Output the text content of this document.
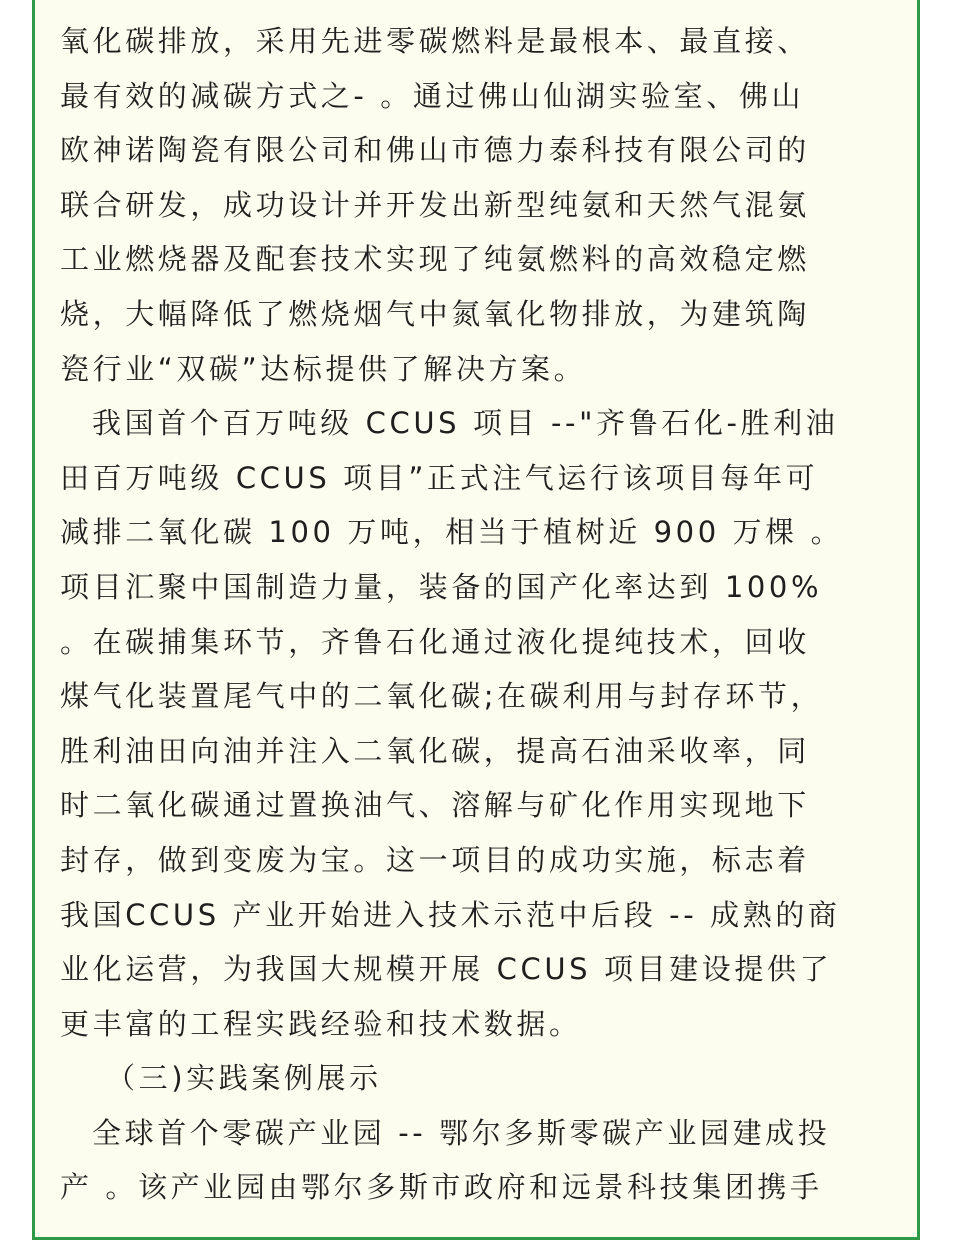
氧化碳排放，采用先进零碳燃料是最根本、最直接、
最有效的减碳方式之- 。通过佛山仙湖实验室、佛山
欧神诺陶瓷有限公司和佛山市德力泰科技有限公司的
联合研发，成功设计并开发出新型纯氨和天然气混氨
工业燃烧器及配套技术实现了纯氨燃料的高效稳定燃
烧，大幅降低了燃烧烟气中氮氧化物排放，为建筑陶
瓷行业“双碳”达标提供了解决方案。
我国首个百万吨级 CCUS 项目 --"齐鲁石化-胜利油
田百万吨级 CCUS 项目”正式注气运行该项目每年可
减排二氧化碳 100 万吨，相当于植树近 900 万棵 。
项目汇聚中国制造力量，装备的国产化率达到 100%
。在碳捕集环节，齐鲁石化通过液化提纯技术，回收
煤气化装置尾气中的二氧化碳;在碳利用与封存环节，
胜利油田向油并注入二氧化碳，提高石油采收率，同
时二氧化碳通过置换油气、溶解与矿化作用实现地下
封存，做到变废为宝。这一项目的成功实施，标志着
我国CCUS 产业开始进入技术示范中后段 -- 成熟的商
业化运营，为我国大规模开展 CCUS 项目建设提供了
更丰富的工程实践经验和技术数据。
（三)实践案例展示
全球首个零碳产业园 -- 鄂尔多斯零碳产业园建成投
产 。该产业园由鄂尔多斯市政府和远景科技集团携手
